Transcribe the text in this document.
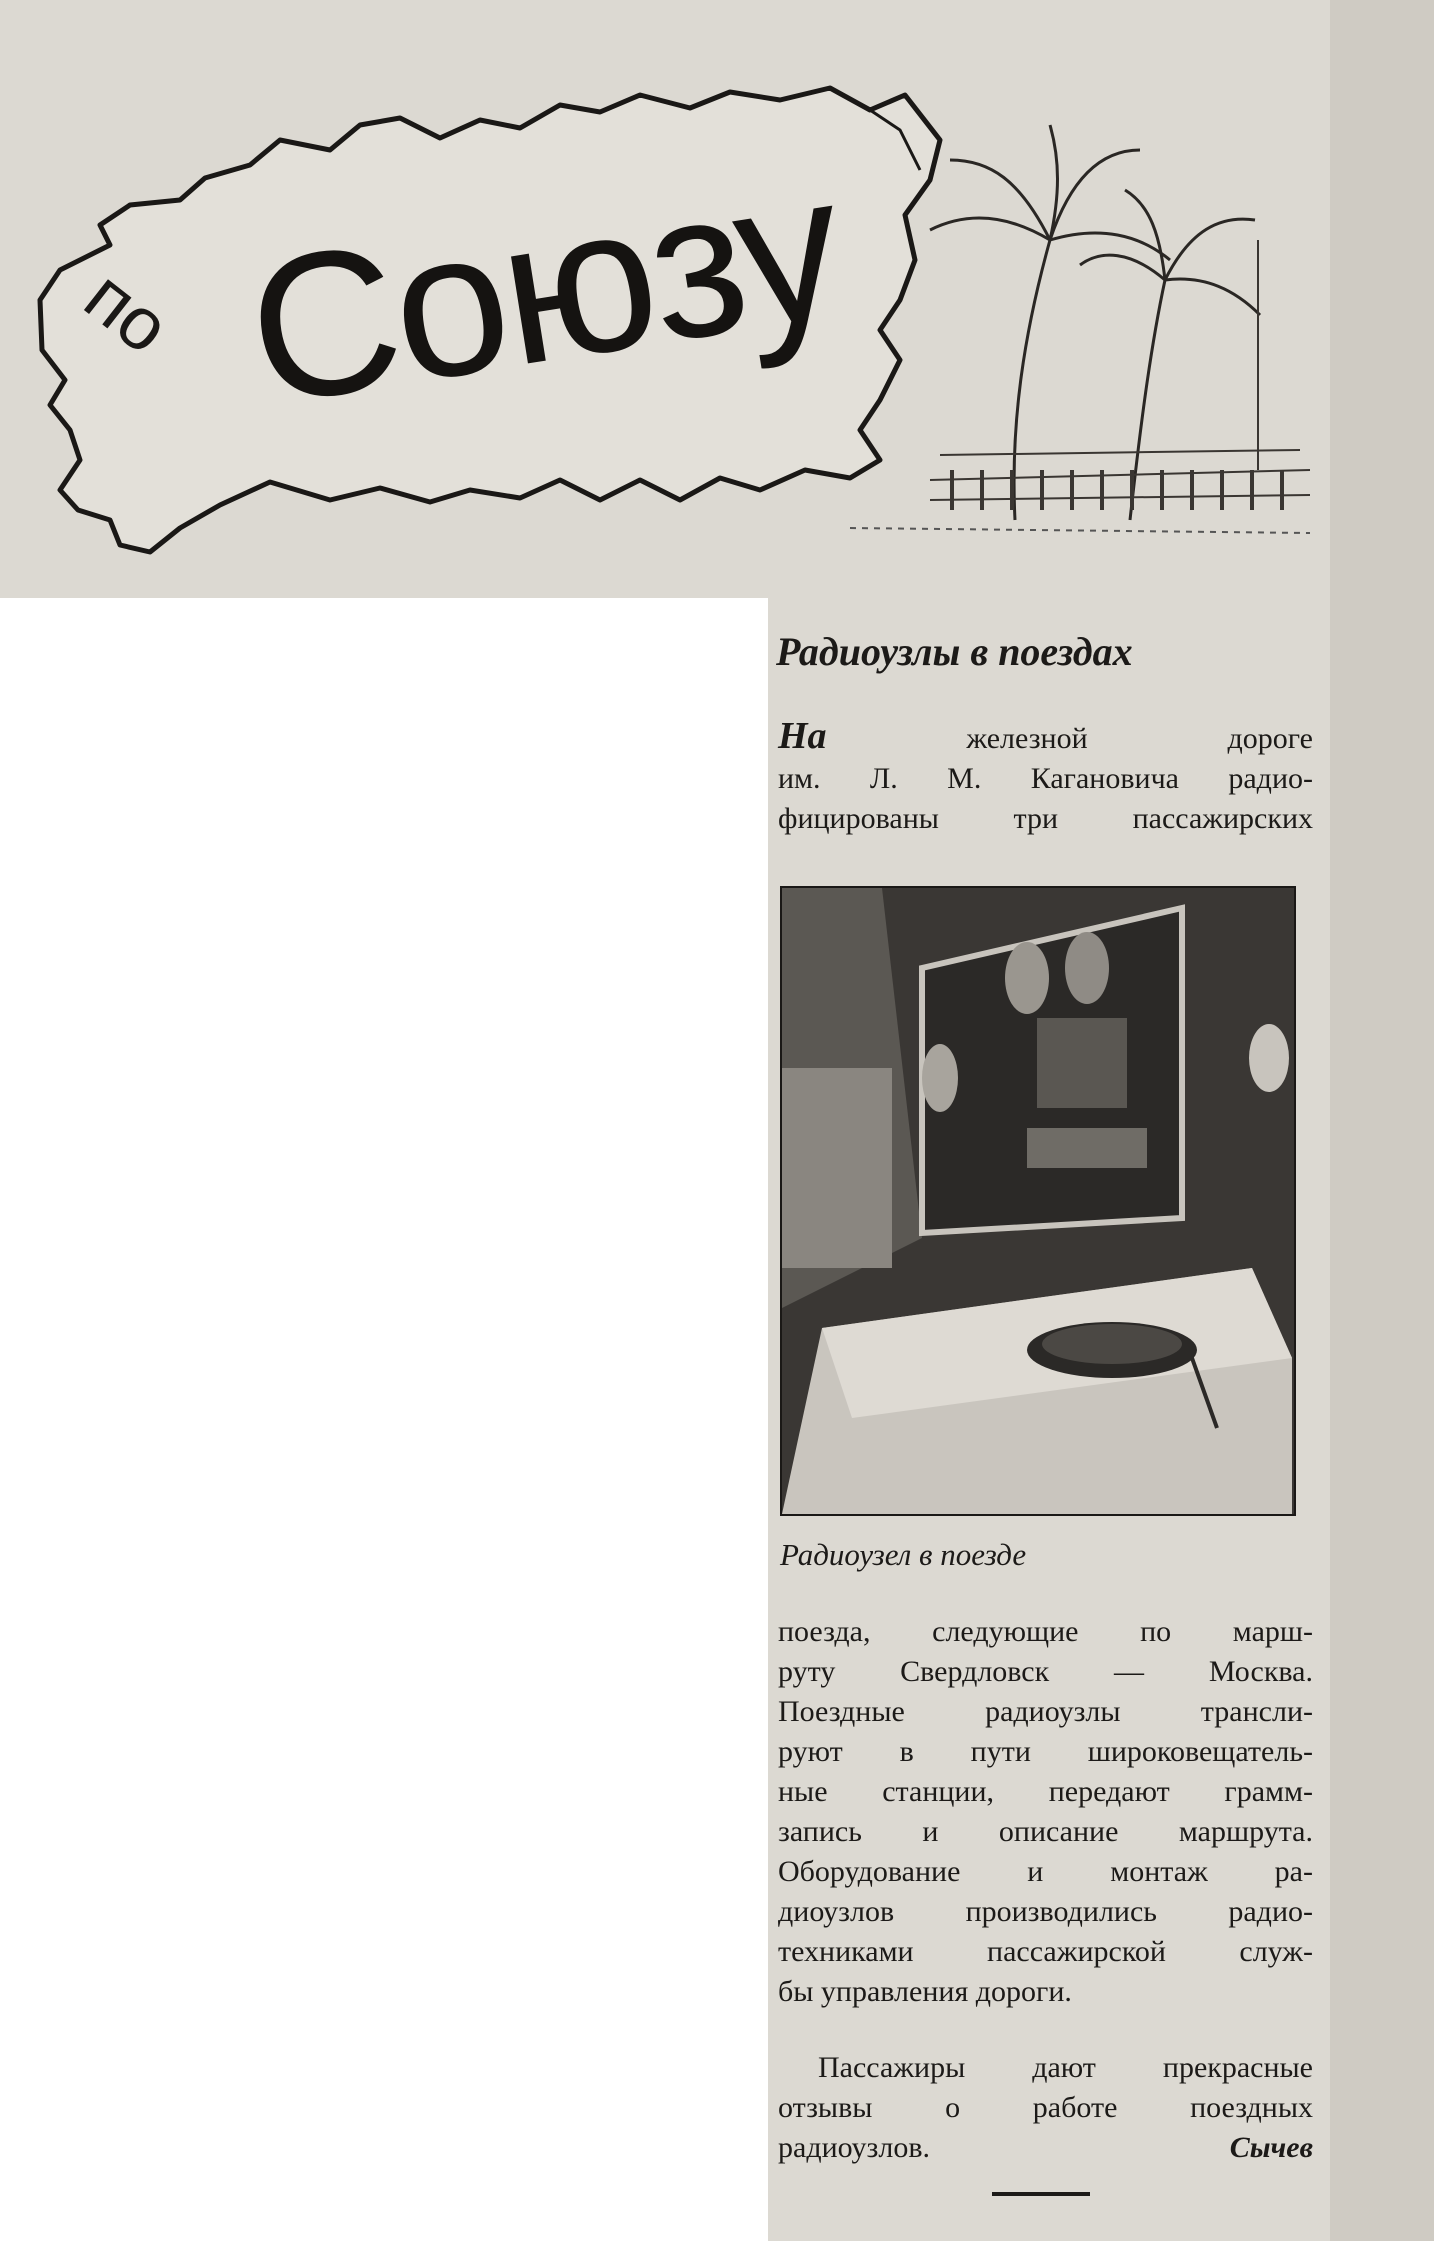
по Союзу
Радиоузлы в поездах
На	железной дороге
им. Л. М. Кагановича радио-
фицированы три пассажирских
Радиоузел в поезде
поезда, следующие по марш-
руту Свердловск — Москва.
Поездные радиоузлы трансли-
руют в пути широковещатель-
ные станции, передают грамм-
запись и описание маршрута.
Оборудование и монтаж ра-
диоузлов производились радио-
техниками пассажирской служ-
бы управления дороги.
Пассажиры дают прекрасные
отзывы о работе поездных
радиоузлов.	Сычев
